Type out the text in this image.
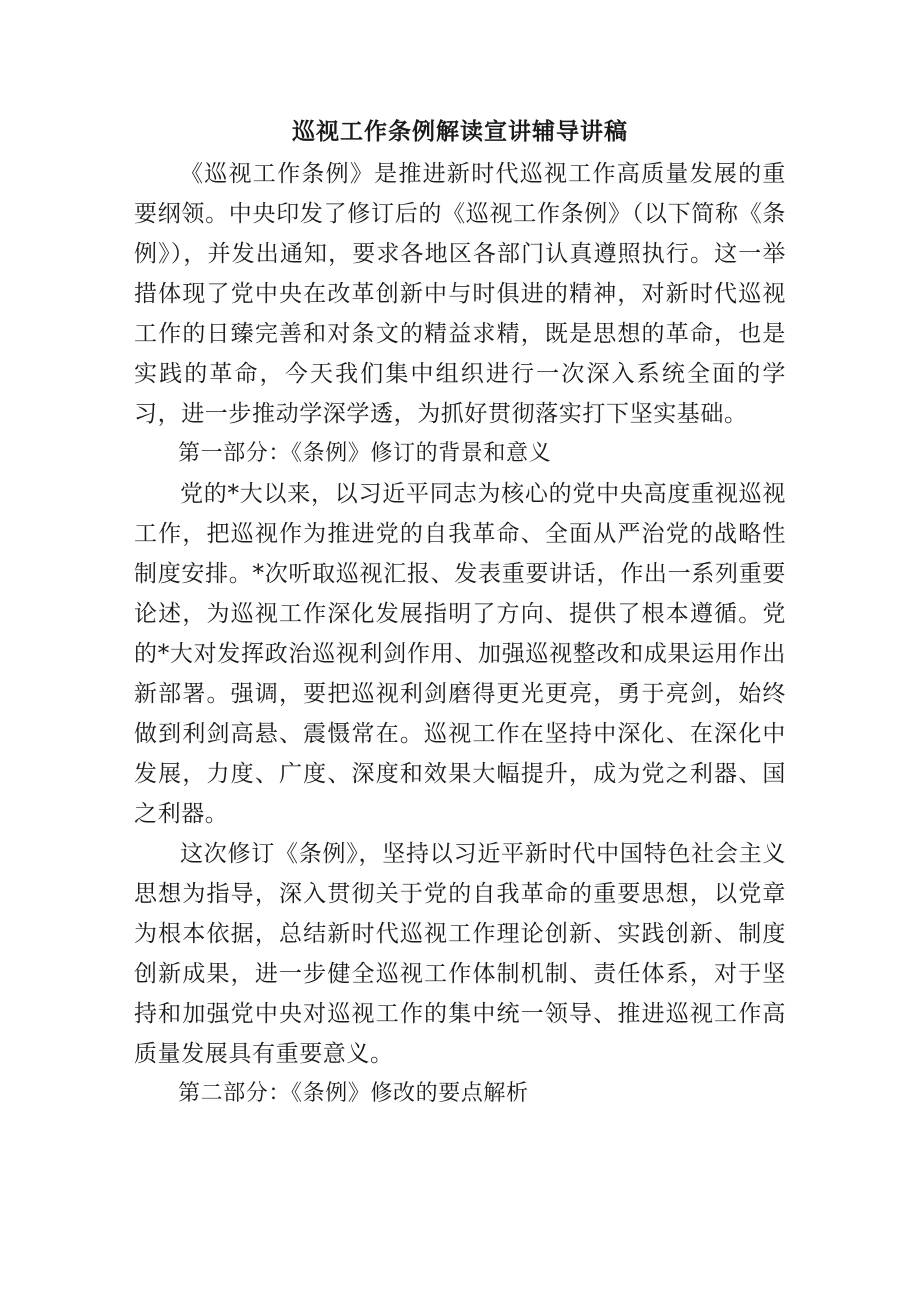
巡视工作条例解读宣讲辅导讲稿

《巡视工作条例》是推进新时代巡视工作高质量发展的重要纲领。中央印发了修订后的《巡视工作条例》（以下简称《条例》），并发出通知，要求各地区各部门认真遵照执行。这一举措体现了党中央在改革创新中与时俱进的精神，对新时代巡视工作的日臻完善和对条文的精益求精，既是思想的革命，也是实践的革命，今天我们集中组织进行一次深入系统全面的学习，进一步推动学深学透，为抓好贯彻落实打下坚实基础。

第一部分：《条例》修订的背景和意义

党的*大以来，以习近平同志为核心的党中央高度重视巡视工作，把巡视作为推进党的自我革命、全面从严治党的战略性制度安排。*次听取巡视汇报、发表重要讲话，作出一系列重要论述，为巡视工作深化发展指明了方向、提供了根本遵循。党的*大对发挥政治巡视利剑作用、加强巡视整改和成果运用作出新部署。强调，要把巡视利剑磨得更光更亮，勇于亮剑，始终做到利剑高悬、震慑常在。巡视工作在坚持中深化、在深化中发展，力度、广度、深度和效果大幅提升，成为党之利器、国之利器。

这次修订《条例》，坚持以习近平新时代中国特色社会主义思想为指导，深入贯彻关于党的自我革命的重要思想，以党章为根本依据，总结新时代巡视工作理论创新、实践创新、制度创新成果，进一步健全巡视工作体制机制、责任体系，对于坚持和加强党中央对巡视工作的集中统一领导、推进巡视工作高质量发展具有重要意义。

第二部分：《条例》修改的要点解析
